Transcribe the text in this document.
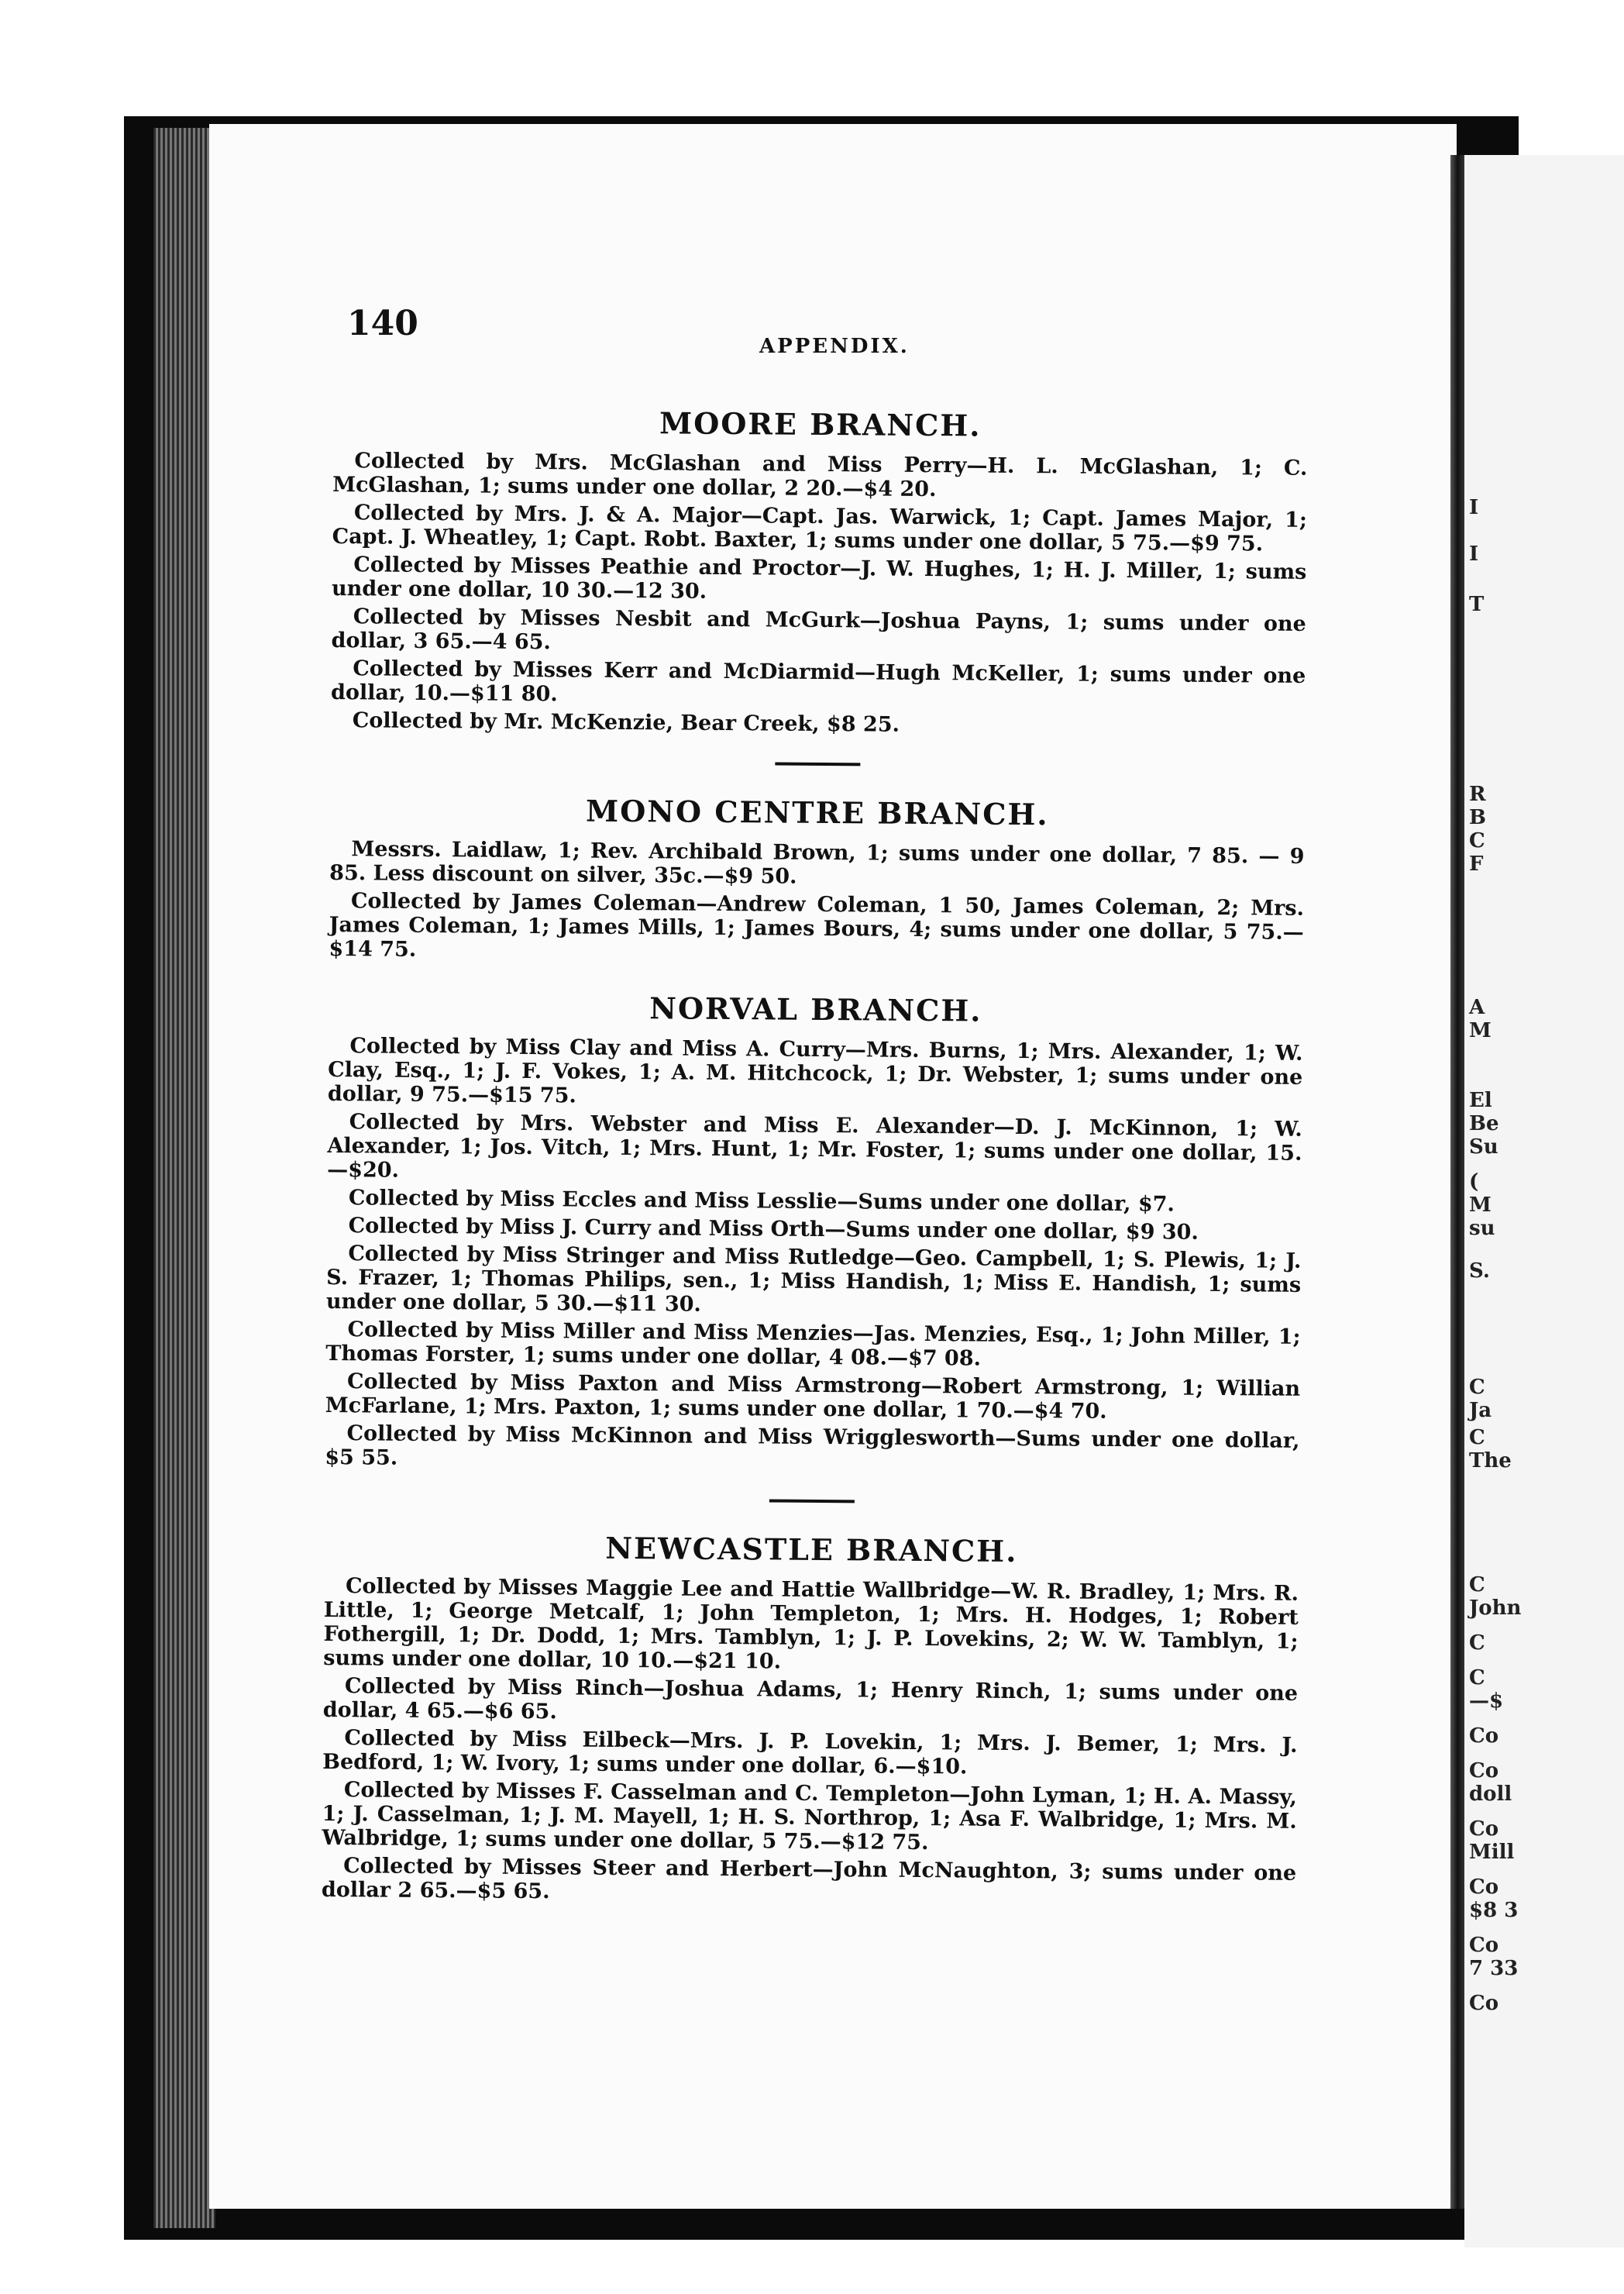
140
APPENDIX.
MOORE BRANCH.

Collected by Mrs. McGlashan and Miss Perry—H. L. McGlashan, 1; C. McGlashan, 1; sums under one dollar, 2 20.—$4 20.

Collected by Mrs. J. & A. Major—Capt. Jas. Warwick, 1; Capt. James Major, 1; Capt. J. Wheatley, 1; Capt. Robt. Baxter, 1; sums under one dollar, 5 75.—$9 75.

Collected by Misses Peathie and Proctor—J. W. Hughes, 1; H. J. Miller, 1; sums under one dollar, 10 30.—12 30.

Collected by Misses Nesbit and McGurk—Joshua Payns, 1; sums under one dollar, 3 65.—4 65.

Collected by Misses Kerr and McDiarmid—Hugh McKeller, 1; sums under one dollar, 10.—$11 80.

Collected by Mr. McKenzie, Bear Creek, $8 25.

MONO CENTRE BRANCH.

Messrs. Laidlaw, 1; Rev. Archibald Brown, 1; sums under one dollar, 7 85. — 9 85. Less discount on silver, 35c.—$9 50.

Collected by James Coleman—Andrew Coleman, 1 50, James Coleman, 2; Mrs. James Coleman, 1; James Mills, 1; James Bours, 4; sums under one dollar, 5 75.—$14 75.

NORVAL BRANCH.

Collected by Miss Clay and Miss A. Curry—Mrs. Burns, 1; Mrs. Alexander, 1; W. Clay, Esq., 1; J. F. Vokes, 1; A. M. Hitchcock, 1; Dr. Webster, 1; sums under one dollar, 9 75.—$15 75.

Collected by Mrs. Webster and Miss E. Alexander—D. J. McKinnon, 1; W. Alexander, 1; Jos. Vitch, 1; Mrs. Hunt, 1; Mr. Foster, 1; sums under one dollar, 15.—$20.

Collected by Miss Eccles and Miss Lesslie—Sums under one dollar, $7.

Collected by Miss J. Curry and Miss Orth—Sums under one dollar, $9 30.

Collected by Miss Stringer and Miss Rutledge—Geo. Campbell, 1; S. Plewis, 1; J. S. Frazer, 1; Thomas Philips, sen., 1; Miss Handish, 1; Miss E. Handish, 1; sums under one dollar, 5 30.—$11 30.

Collected by Miss Miller and Miss Menzies—Jas. Menzies, Esq., 1; John Miller, 1; Thomas Forster, 1; sums under one dollar, 4 08.—$7 08.

Collected by Miss Paxton and Miss Armstrong—Robert Armstrong, 1; Willian McFarlane, 1; Mrs. Paxton, 1; sums under one dollar, 1 70.—$4 70.

Collected by Miss McKinnon and Miss Wrigglesworth—Sums under one dollar, $5 55.

NEWCASTLE BRANCH.

Collected by Misses Maggie Lee and Hattie Wallbridge—W. R. Bradley, 1; Mrs. R. Little, 1; George Metcalf, 1; John Templeton, 1; Mrs. H. Hodges, 1; Robert Fothergill, 1; Dr. Dodd, 1; Mrs. Tamblyn, 1; J. P. Lovekins, 2; W. W. Tamblyn, 1; sums under one dollar, 10 10.—$21 10.

Collected by Miss Rinch—Joshua Adams, 1; Henry Rinch, 1; sums under one dollar, 4 65.—$6 65.

Collected by Miss Eilbeck—Mrs. J. P. Lovekin, 1; Mrs. J. Bemer, 1; Mrs. J. Bedford, 1; W. Ivory, 1; sums under one dollar, 6.—$10.

Collected by Misses F. Casselman and C. Templeton—John Lyman, 1; H. A. Massy, 1; J. Casselman, 1; J. M. Mayell, 1; H. S. Northrop, 1; Asa F. Walbridge, 1; Mrs. M. Walbridge, 1; sums under one dollar, 5 75.—$12 75.

Collected by Misses Steer and Herbert—John McNaughton, 3; sums under one dollar 2 65.—$5 65.

I
I
T
R
B
C
F
A
M
El
Be
Su
(
M
su
S.
C
Ja
C
The
C
John
C
C
—$
Co
Co
doll
Co
Mill
Co
$8 3
Co
7 33
Co
